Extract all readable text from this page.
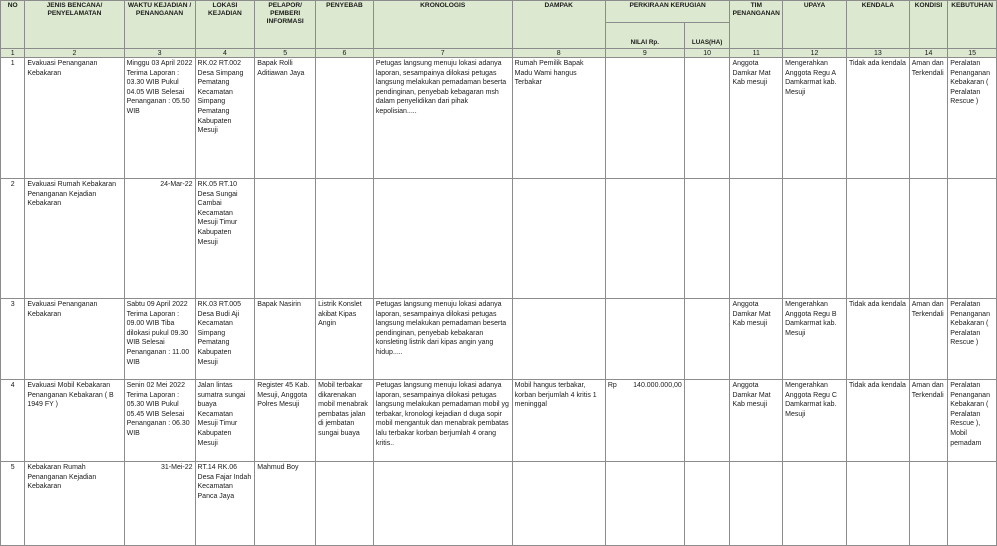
NO	JENIS BENCANA/ PENYELAMATAN	WAKTU KEJADIAN / PENANGANAN	LOKASI KEJADIAN	PELAPOR/ PEMBERI INFORMASI	PENYEBAB	KRONOLOGIS	DAMPAK	PERKIRAAN KERUGIAN		TIM PENANGANAN	UPAYA	KENDALA	KONDISI	KEBUTUHAN
								NILAI Rp.	LUAS(HA)					
1	2	3	4	5	6	7	8	9	10	11	12	13	14	15
1	Evakuasi Penanganan Kebakaran	Minggu 03 April 2022 Terima Laporan : 03.30 WIB Pukul 04.05 WIB Selesai Penanganan : 05.50 WIB	RK.02 RT.002 Desa Simpang Pematang Kecamatan Simpang Pematang Kabupaten Mesuji	Bapak Rolli Aditiawan Jaya		Petugas langsung menuju lokasi adanya laporan, sesampainya dilokasi petugas langsung melakukan pemadaman beserta pendinginan, penyebab kebagaran msh dalam penyelidikan dari pihak kepolisian.....	Rumah Pemilik Bapak Madu Wami hangus Terbakar			Anggota Damkar Mat Kab mesuji	Mengerahkan Anggota Regu A Damkarmat kab. Mesuji	Tidak ada kendala	Aman dan Terkendali	Peralatan Penanganan Kebakaran ( Peralatan Rescue )
2	Evakuasi Rumah Kebakaran Penanganan Kejadian Kebakaran	24-Mar-22	RK.05 RT.10 Desa Sungai Cambai Kecamatan Mesuji Timur Kabupaten Mesuji					

3	Evakuasi Penanganan Kebakaran	Sabtu 09 April 2022 Terima Laporan : 09.00 WIB Tiba dilokasi pukul 09.30 WIB Selesai Penanganan : 11.00 WIB	RK.03 RT.005 Desa Budi Aji Kecamatan Simpang Pematang Kabupaten Mesuji	Bapak Nasirin	Listrik Konslet akibat Kipas Angin	Petugas langsung menuju lokasi adanya laporan, sesampainya dilokasi petugas langsung melakukan pemadaman beserta pendinginan, penyebab kebakaran konsleting listrik dari kipas angin yang hidup.....				Anggota Damkar Mat Kab mesuji	Mengerahkan Anggota Regu B Damkarmat kab. Mesuji	Tidak ada kendala	Aman dan Terkendali	Peralatan Penanganan Kebakaran ( Peralatan Rescue )
4	Evakuasi Mobil Kebakaran Penanganan Kebakaran ( B 1949 FY )	Senin 02 Mei 2022 Terima Laporan : 05.30 WIB Pukul 05.45 WIB Selesai Penanganan : 06.30 WIB	Jalan lintas sumatra sungai buaya Kecamatan Mesuji Timur Kabupaten Mesuji	Register 45 Kab. Mesuji, Anggota Polres Mesuji	Mobil terbakar dikarenakan mobil menabrak pembatas jalan di jembatan sungai buaya	Petugas langsung menuju lokasi adanya laporan, sesampainya dilokasi petugas langsung melakukan pemadaman mobil yg terbakar, kronologi kejadian d duga sopir mobil mengantuk dan menabrak pembatas lalu terbakar korban berjumlah 4 orang kritis..	Mobil hangus terbakar, korban berjumlah 4 kritis 1 meninggal	Rp 140.000.000,00		Anggota Damkar Mat Kab mesuji	Mengerahkan Anggota Regu C Damkarmat kab. Mesuji	Tidak ada kendala	Aman dan Terkendali	Peralatan Penanganan Kebakaran ( Peralatan Rescue ), Mobil pemadam
5	Kebakaran Rumah Penanganan Kejadian Kebakaran	31-Mei-22	RT.14 RK.06 Desa Fajar Indah Kecamatan Panca Jaya	Mahmud Boy				
